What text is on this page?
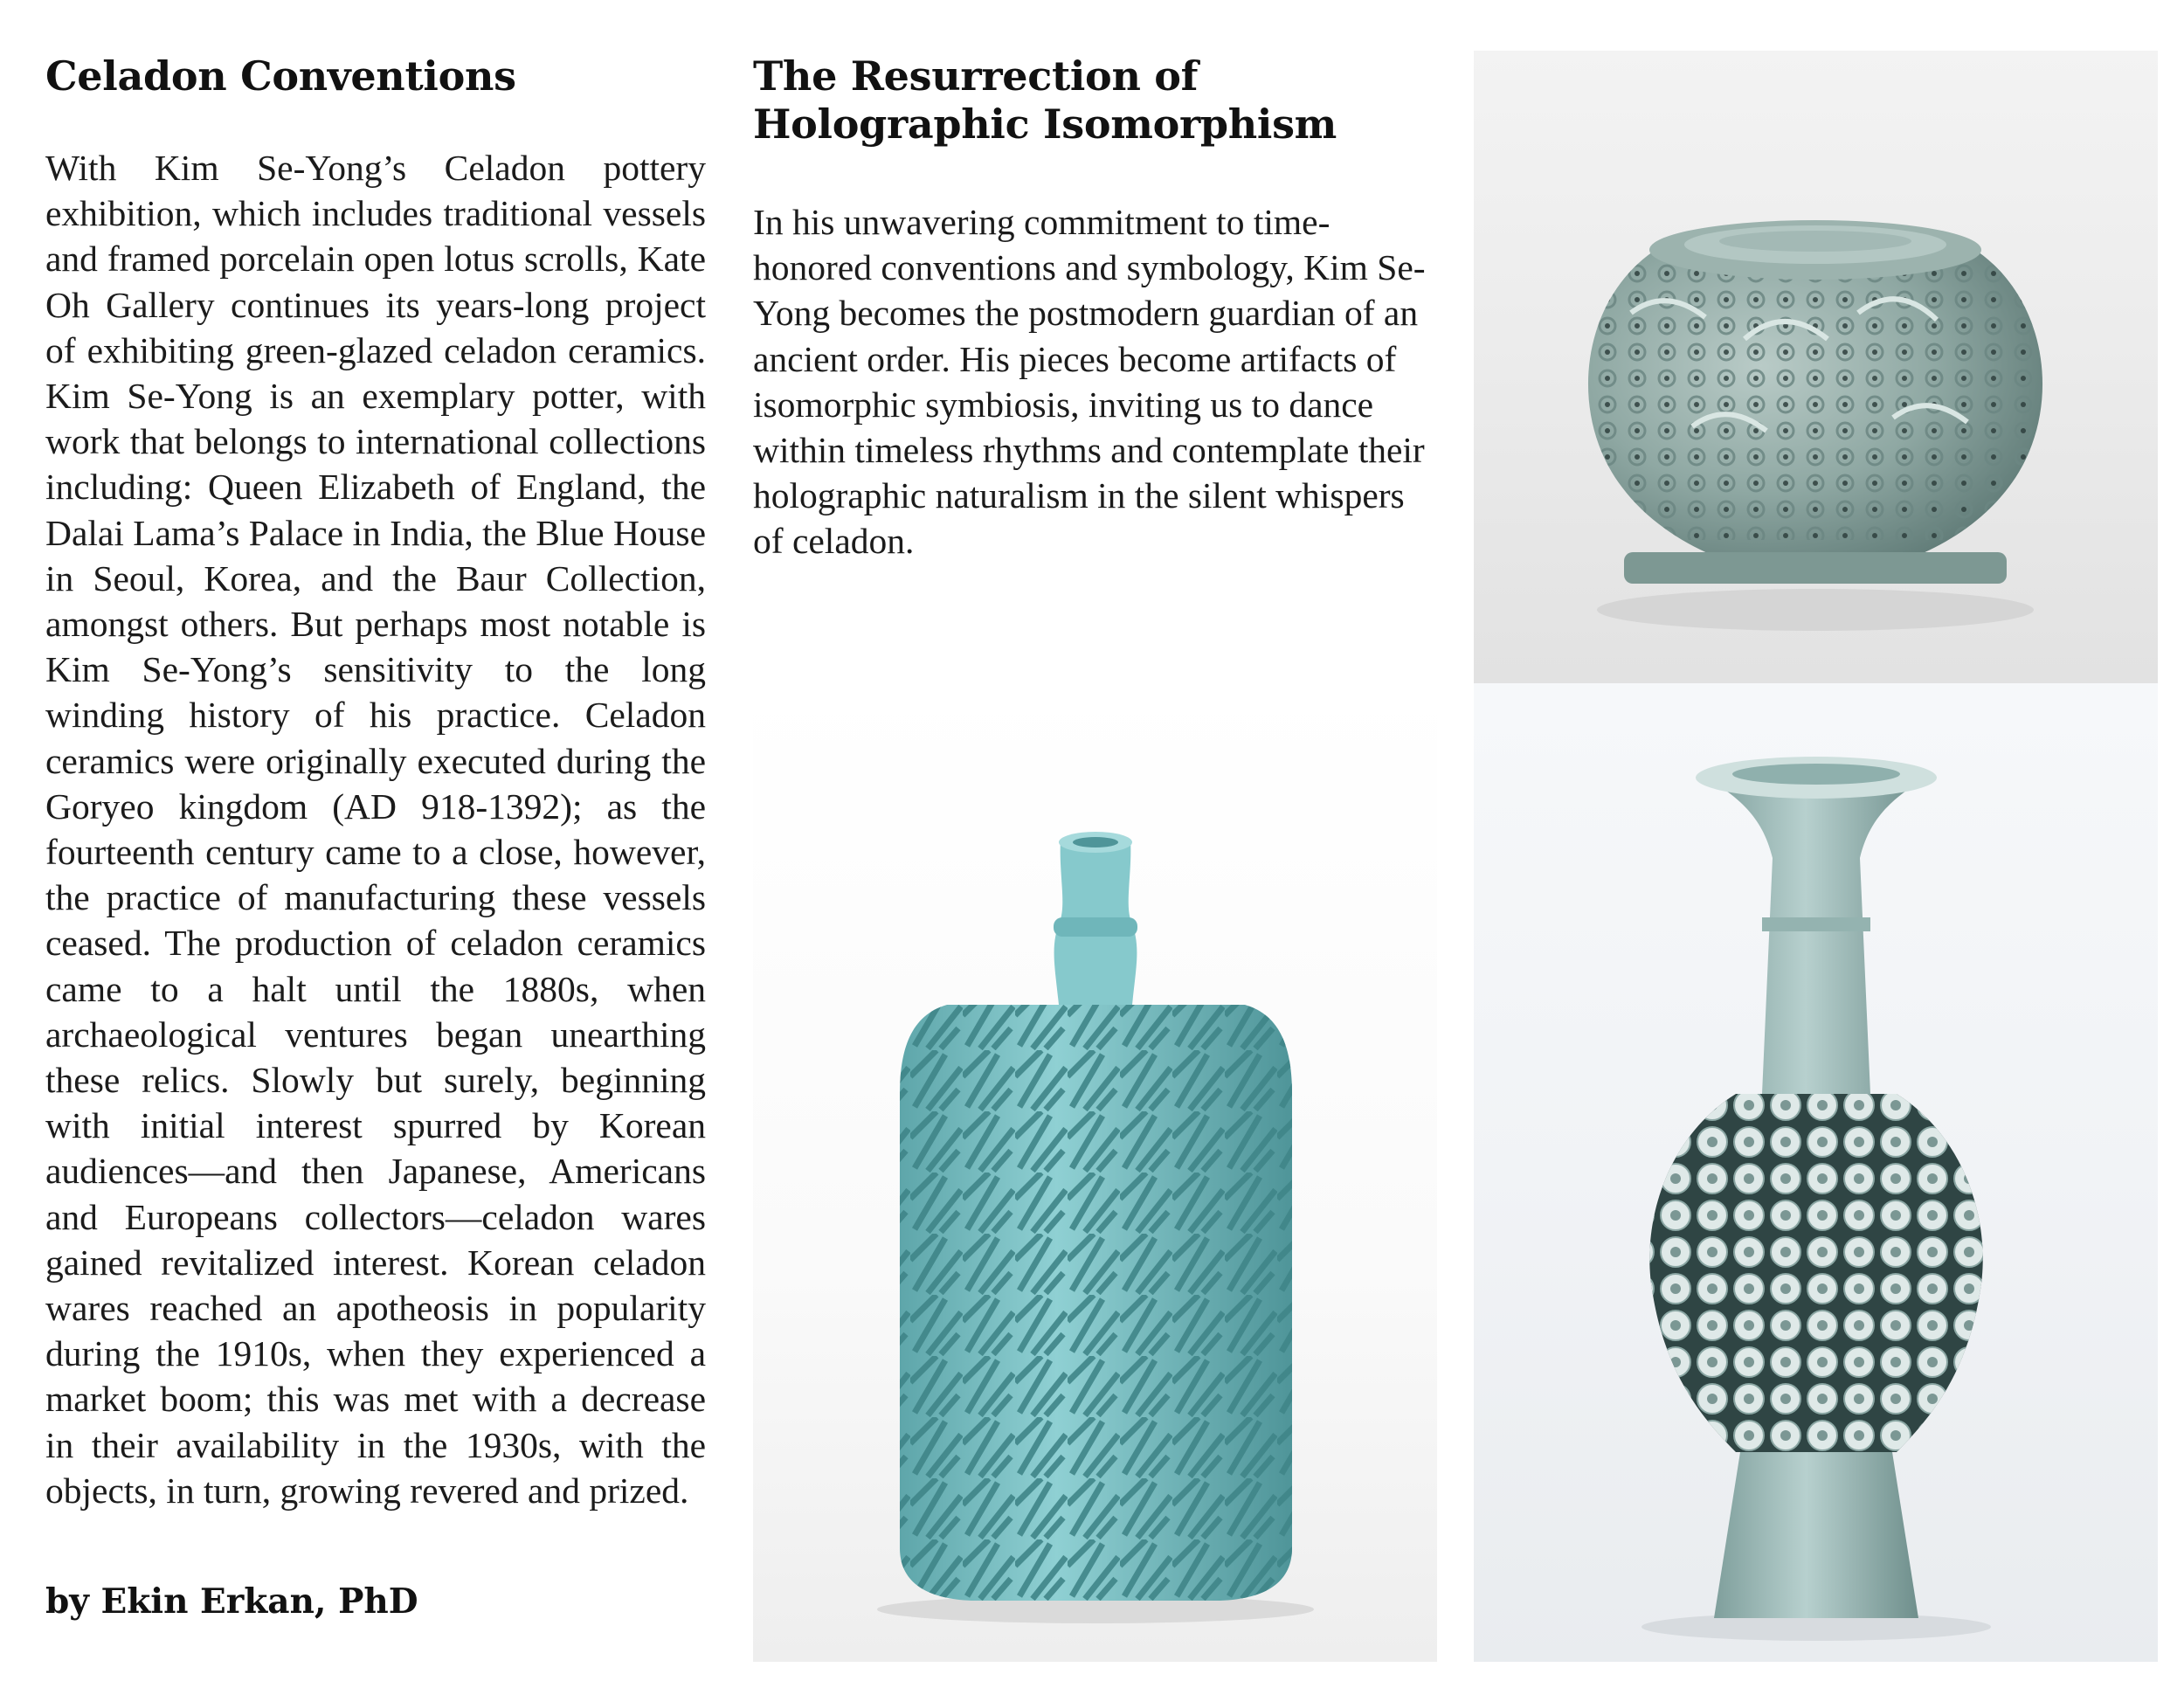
Celadon Conventions

With Kim Se-Yong’s Celadon pottery exhibition, which includes traditional vessels and framed porcelain open lotus scrolls, Kate Oh Gallery continues its years-long project of exhibiting green-glazed celadon ceramics. Kim Se-Yong is an exemplary potter, with work that belongs to international collections including: Queen Elizabeth of England, the Dalai Lama’s Palace in India, the Blue House in Seoul, Korea, and the Baur Collection, amongst others. But perhaps most notable is Kim Se-Yong’s sensitivity to the long winding history of his practice. Celadon ceramics were originally executed during the Goryeo kingdom (AD 918-1392); as the fourteenth century came to a close, however, the practice of manufacturing these vessels ceased. The production of celadon ceramics came to a halt until the 1880s, when archaeological ventures began unearthing these relics. Slowly but surely, beginning with initial interest spurred by Korean audiences—and then Japanese, Americans and Europeans collectors—celadon wares gained revitalized interest. Korean celadon wares reached an apotheosis in popularity during the 1910s, when they experienced a market boom; this was met with a decrease in their availability in the 1930s, with the objects, in turn, growing revered and prized.

by Ekin Erkan, PhD

The Resurrection of Holographic Isomorphism

In his unwavering commitment to time-honored conventions and symbology, Kim Se-Yong becomes the postmodern guardian of an ancient order. His pieces become artifacts of isomorphic symbiosis, inviting us to dance within timeless rhythms and contemplate their holographic naturalism in the silent whispers of celadon.
